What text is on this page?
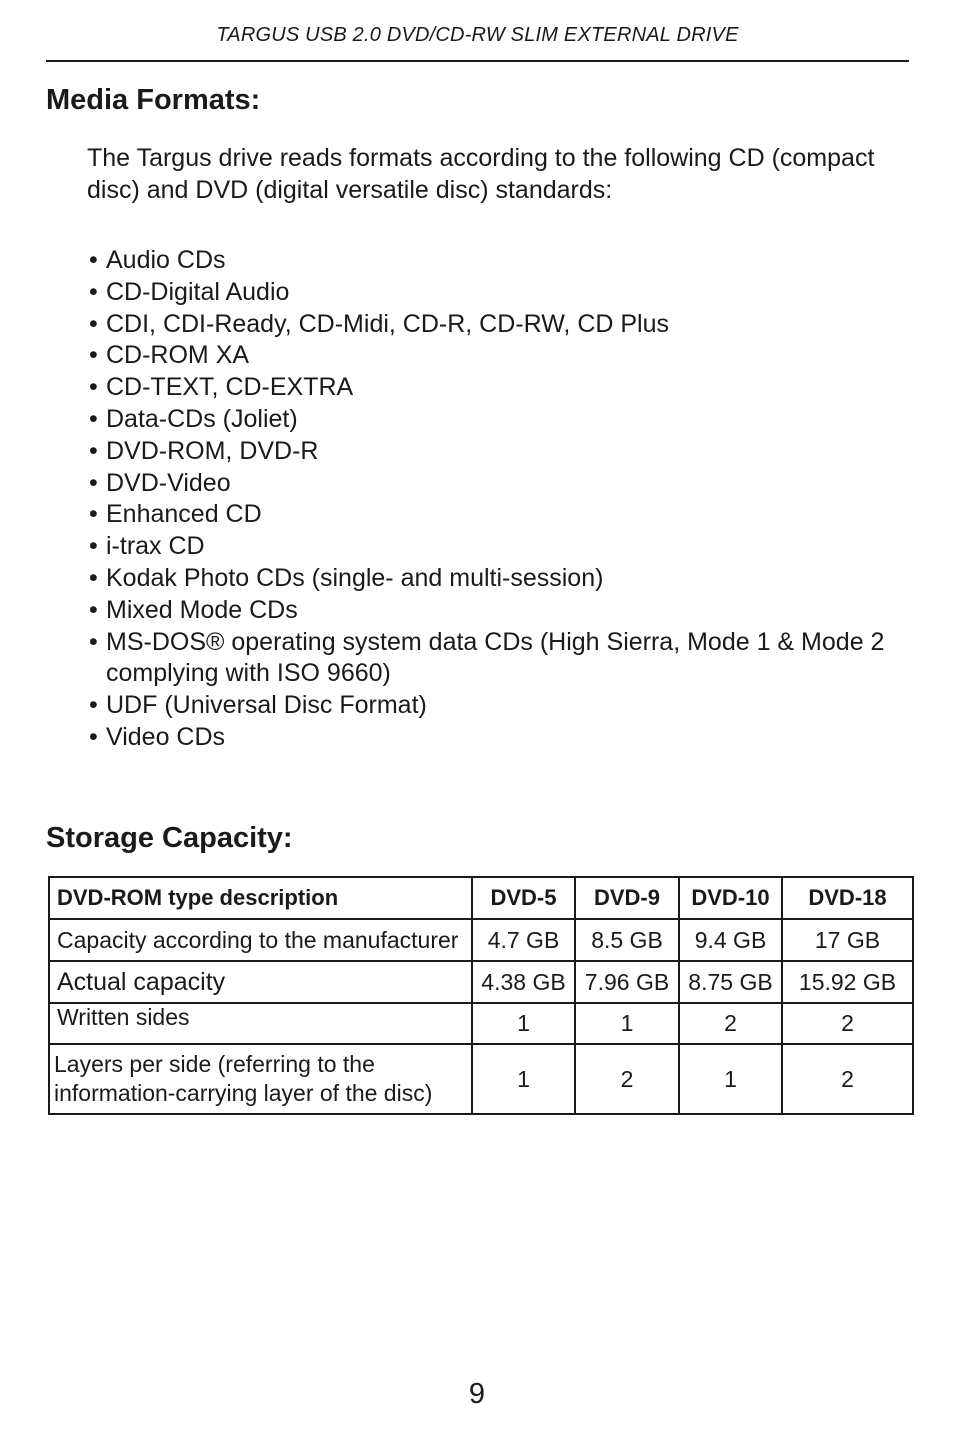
TARGUS USB 2.0 DVD/CD-RW SLIM EXTERNAL DRIVE
Media Formats:

The Targus drive reads formats according to the following CD (compact disc) and DVD (digital versatile disc) standards:

• Audio CDs
• CD-Digital Audio
• CDI, CDI-Ready, CD-Midi, CD-R, CD-RW, CD Plus
• CD-ROM XA
• CD-TEXT, CD-EXTRA
• Data-CDs (Joliet)
• DVD-ROM, DVD-R
• DVD-Video
• Enhanced CD
• i-trax CD
• Kodak Photo CDs (single- and multi-session)
• Mixed Mode CDs
• MS-DOS® operating system data CDs (High Sierra, Mode 1 & Mode 2 complying with ISO 9660)
• UDF (Universal Disc Format)
• Video CDs
Storage Capacity:
DVD-ROM type description	DVD-5	DVD-9	DVD-10	DVD-18
Capacity according to the manufacturer	4.7 GB	8.5 GB	9.4 GB	17 GB
Actual capacity	4.38 GB	7.96 GB	8.75 GB	15.92 GB
Written sides	1	1	2	2
Layers per side (referring to the information-carrying layer of the disc)	1	2	1	2
9
